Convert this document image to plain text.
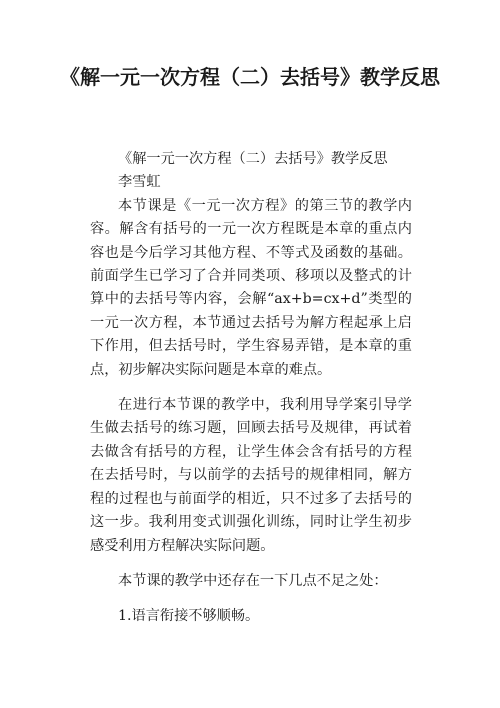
《解一元一次方程（二）去括号》教学反思

《解一元一次方程（二）去括号》教学反思

李雪虹

本节课是《一元一次方程》的第三节的教学内容。解含有括号的一元一次方程既是本章的重点内容也是今后学习其他方程、不等式及函数的基础。前面学生已学习了合并同类项、移项以及整式的计算中的去括号等内容，会解“ax+b=cx+d”类型的一元一次方程，本节通过去括号为解方程起承上启下作用，但去括号时，学生容易弄错，是本章的重点，初步解决实际问题是本章的难点。

在进行本节课的教学中，我利用导学案引导学生做去括号的练习题，回顾去括号及规律，再试着去做含有括号的方程，让学生体会含有括号的方程在去括号时，与以前学的去括号的规律相同，解方程的过程也与前面学的相近，只不过多了去括号的这一步。我利用变式训强化训练，同时让学生初步感受利用方程解决实际问题。

本节课的教学中还存在一下几点不足之处：

1.语言衔接不够顺畅。
